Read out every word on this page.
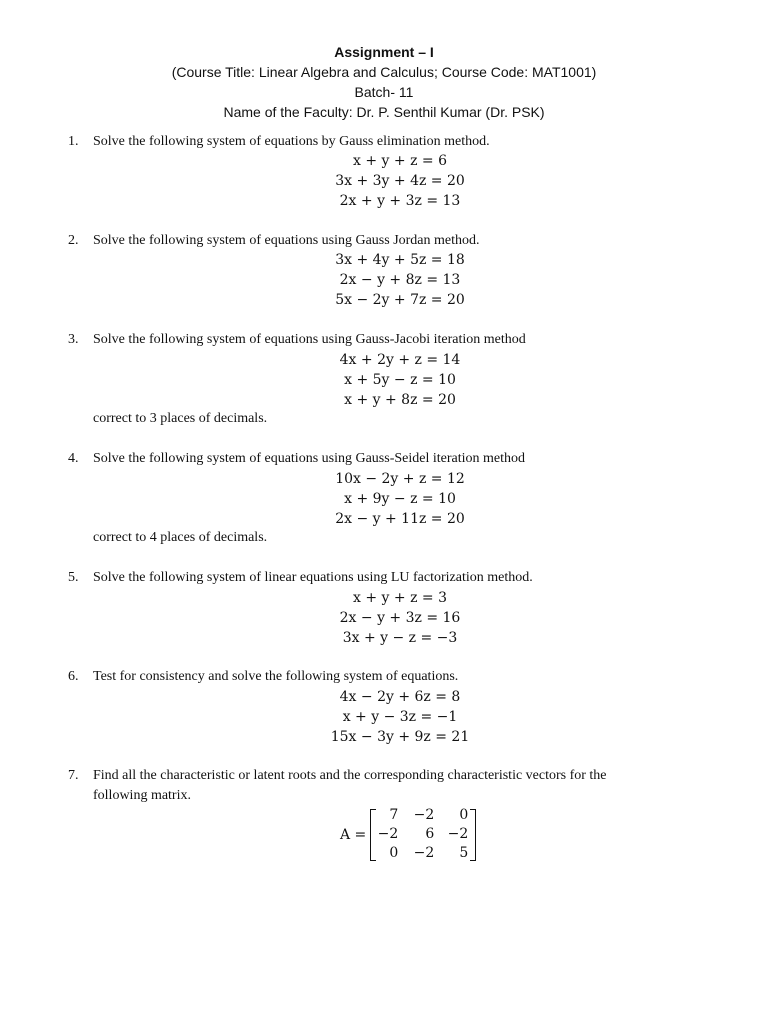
Assignment – I
(Course Title: Linear Algebra and Calculus; Course Code: MAT1001)
Batch- 11
Name of the Faculty: Dr. P. Senthil Kumar (Dr. PSK)
1. Solve the following system of equations by Gauss elimination method.
x + y + z = 6
3x + 3y + 4z = 20
2x + y + 3z = 13
2. Solve the following system of equations using Gauss Jordan method.
3x + 4y + 5z = 18
2x − y + 8z = 13
5x − 2y + 7z = 20
3. Solve the following system of equations using Gauss-Jacobi iteration method
4x + 2y + z = 14
x + 5y − z = 10
x + y + 8z = 20
correct to 3 places of decimals.
4. Solve the following system of equations using Gauss-Seidel iteration method
10x − 2y + z = 12
x + 9y − z = 10
2x − y + 11z = 20
correct to 4 places of decimals.
5. Solve the following system of linear equations using LU factorization method.
x + y + z = 3
2x − y + 3z = 16
3x + y − z = −3
6. Test for consistency and solve the following system of equations.
4x − 2y + 6z = 8
x + y − 3z = −1
15x − 3y + 9z = 21
7. Find all the characteristic or latent roots and the corresponding characteristic vectors for the
following matrix.
A =
7	−2	0
−2	6 −2
0	−2	5
